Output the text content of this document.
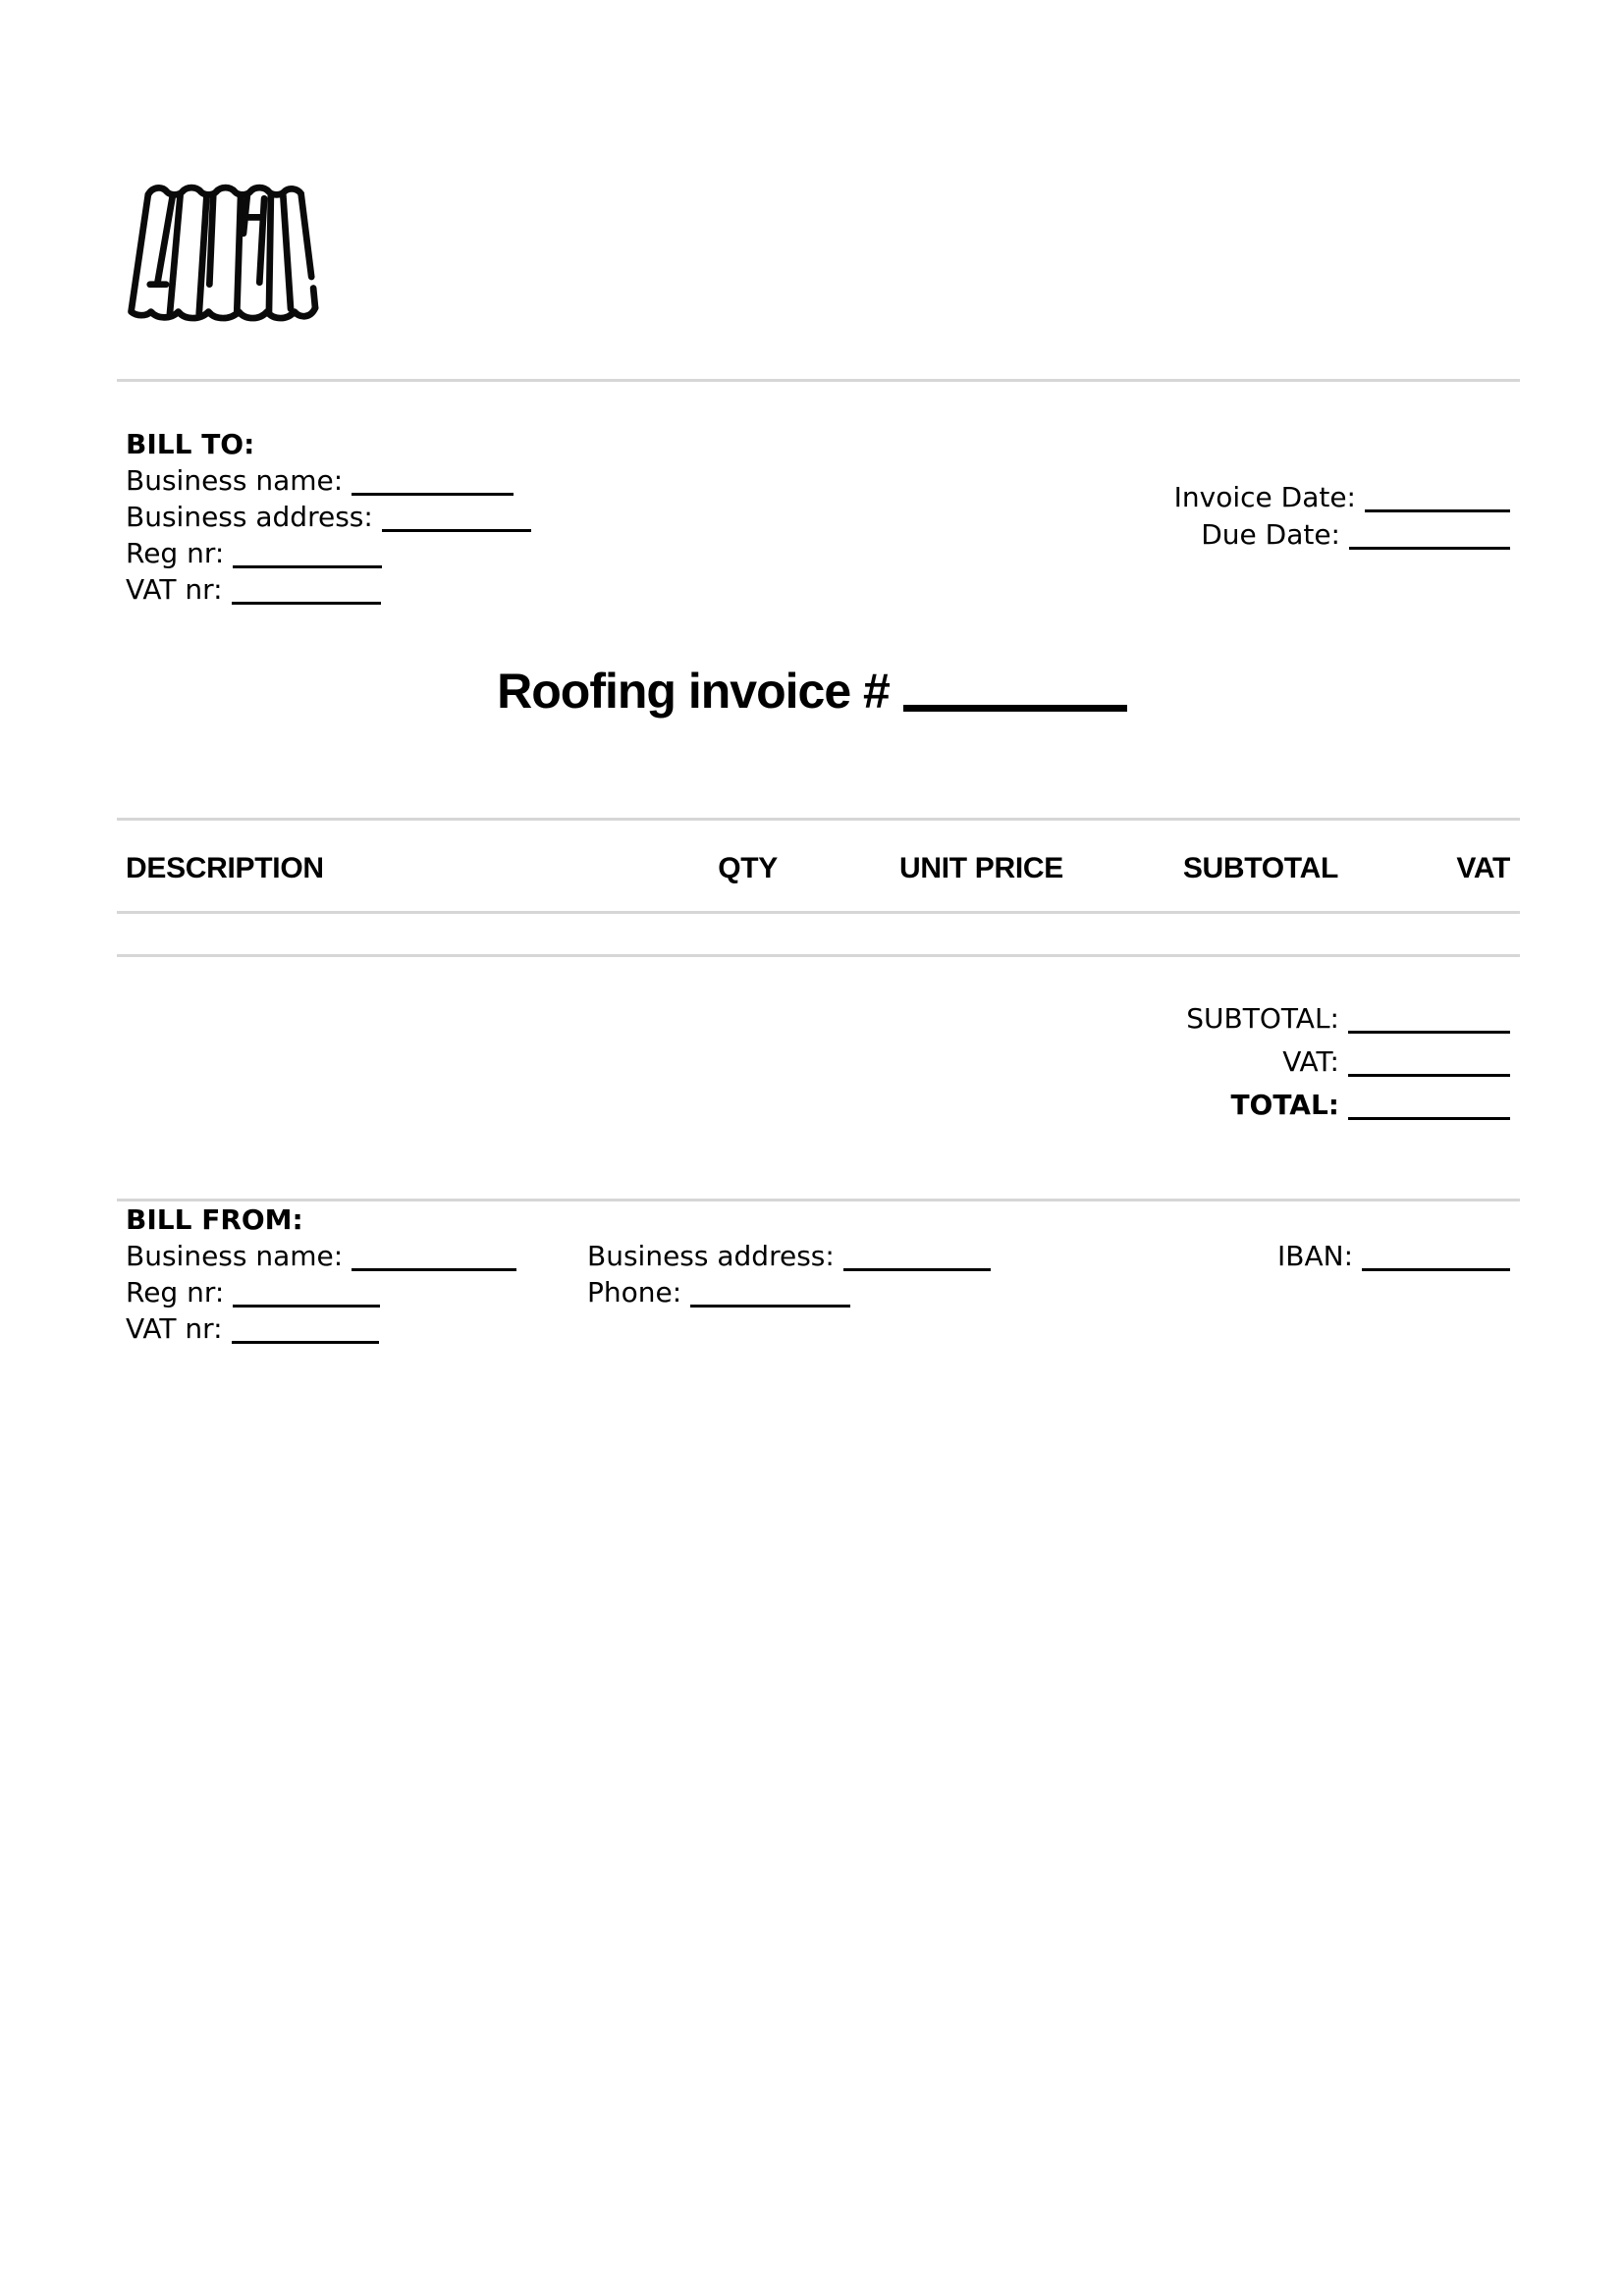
BILL TO:
Business name:
Business address:
Reg nr:
VAT nr:
Invoice Date:
Due Date:
Roofing invoice #
DESCRIPTION	QTY	UNIT PRICE	SUBTOTAL	VAT
SUBTOTAL:
VAT:
TOTAL:
BILL FROM:
Business name:
Reg nr:
VAT nr:
Business address:
Phone:
IBAN:
